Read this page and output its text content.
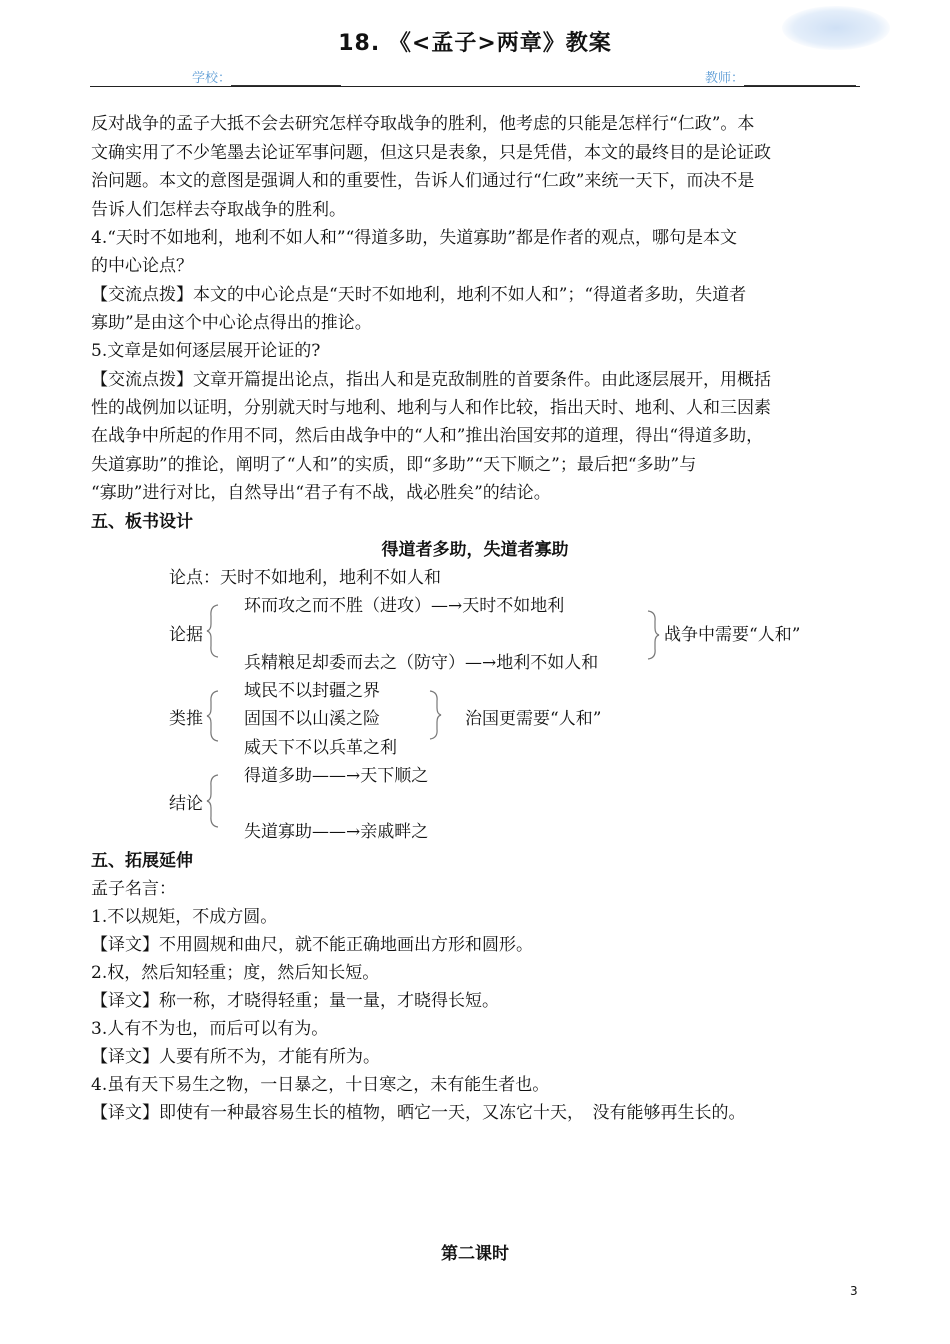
18. 《<孟子>两章》教案
学校：	教师：
反对战争的孟子大抵不会去研究怎样夺取战争的胜利，他考虑的只能是怎样行“仁政”。本
文确实用了不少笔墨去论证军事问题，但这只是表象，只是凭借，本文的最终目的是论证政
治问题。本文的意图是强调人和的重要性，告诉人们通过行“仁政”来统一天下，而决不是
告诉人们怎样去夺取战争的胜利。
4.“天时不如地利，地利不如人和”“得道多助，失道寡助”都是作者的观点，哪句是本文
的中心论点？
【交流点拨】本文的中心论点是“天时不如地利，地利不如人和”；“得道者多助，失道者
寡助”是由这个中心论点得出的推论。
5.文章是如何逐层展开论证的?
【交流点拨】文章开篇提出论点，指出人和是克敌制胜的首要条件。由此逐层展开，用概括
性的战例加以证明，分别就天时与地利、地利与人和作比较，指出天时、地利、人和三因素
在战争中所起的作用不同，然后由战争中的“人和”推出治国安邦的道理，得出“得道多助，
失道寡助”的推论，阐明了“人和”的实质，即“多助”“天下顺之”；最后把“多助”与
“寡助”进行对比，自然导出“君子有不战，战必胜矣”的结论。
五、板书设计
得道者多助，失道者寡助
论点：天时不如地利，地利不如人和
论据
环而攻之而不胜（进攻）—→天时不如地利
兵精粮足却委而去之（防守）—→地利不如人和
战争中需要“人和”
类推
域民不以封疆之界
固国不以山溪之险
威天下不以兵革之利
治国更需要“人和”
结论
得道多助——→天下顺之
失道寡助——→亲戚畔之
五、拓展延伸
孟子名言：
1.不以规矩，不成方圆。
【译文】不用圆规和曲尺，就不能正确地画出方形和圆形。
2.权，然后知轻重；度，然后知长短。
【译文】称一称，才晓得轻重；量一量，才晓得长短。
3.人有不为也，而后可以有为。
【译文】人要有所不为，才能有所为。
4.虽有天下易生之物，一日暴之，十日寒之，未有能生者也。
【译文】即使有一种最容易生长的植物，晒它一天，又冻它十天，　没有能够再生长的。
第二课时
3
